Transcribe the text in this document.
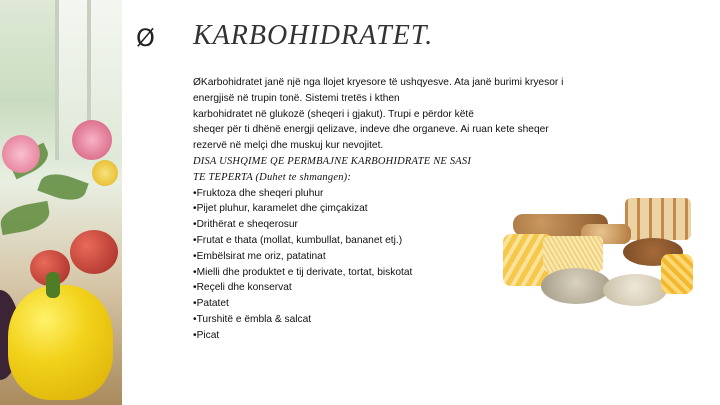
Ø KARBOHIDRATET.
ØKarbohidratet janë një nga llojet kryesore të ushqyesve. Ata janë burimi kryesor i
energjisë në trupin tonë. Sistemi tretës i kthen
karbohidratet në glukozë (sheqeri i gjakut). Trupi e përdor këtë
sheqer për ti dhënë energji qelizave, indeve dhe organeve. Ai ruan kete sheqer
rezervë në melçi dhe muskuj kur nevojitet.
DISA USHQIME QE PERMBAJNE KARBOHIDRATE NE SASI
TE TEPERTA (Duhet te shmangen):
• Fruktoza dhe sheqeri pluhur
• Pijet pluhur, karamelet dhe çimçakizat
• Drithërat e sheqerosur
• Frutat e thata (mollat, kumbullat, bananet etj.)
• Embëlsirat me oriz, patatinat
• Mielli dhe produktet e tij derivate, tortat, biskotat
• Reçeli dhe konservat
• Patatet
• Turshitë e ëmbla & salcat
• Picat
